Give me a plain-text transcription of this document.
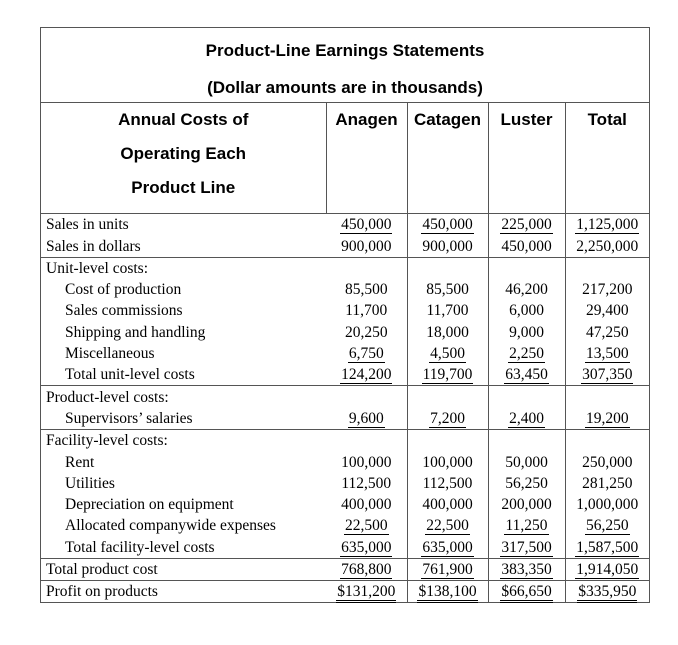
Product-Line Earnings Statements
(Dollar amounts are in thousands)
Annual Costs of
Operating Each
Product Line	Anagen	Catagen	Luster	Total

Sales in units	450,000	450,000	225,000	1,125,000
Sales in dollars	900,000	900,000	450,000	2,250,000
Unit-level costs:				
Cost of production	85,500	85,500	46,200	217,200
Sales commissions	11,700	11,700	6,000	29,400
Shipping and handling	20,250	18,000	9,000	47,250
Miscellaneous	6,750	4,500	2,250	13,500
Total unit-level costs	124,200	119,700	63,450	307,350
Product-level costs:				
Supervisors’ salaries	9,600	7,200	2,400	19,200
Facility-level costs:				
Rent	100,000	100,000	50,000	250,000
Utilities	112,500	112,500	56,250	281,250
Depreciation on equipment	400,000	400,000	200,000	1,000,000
Allocated companywide expenses	22,500	22,500	11,250	56,250
Total facility-level costs	635,000	635,000	317,500	1,587,500
Total product cost	768,800	761,900	383,350	1,914,050
Profit on products	$131,200	$138,100	$66,650	$335,950
